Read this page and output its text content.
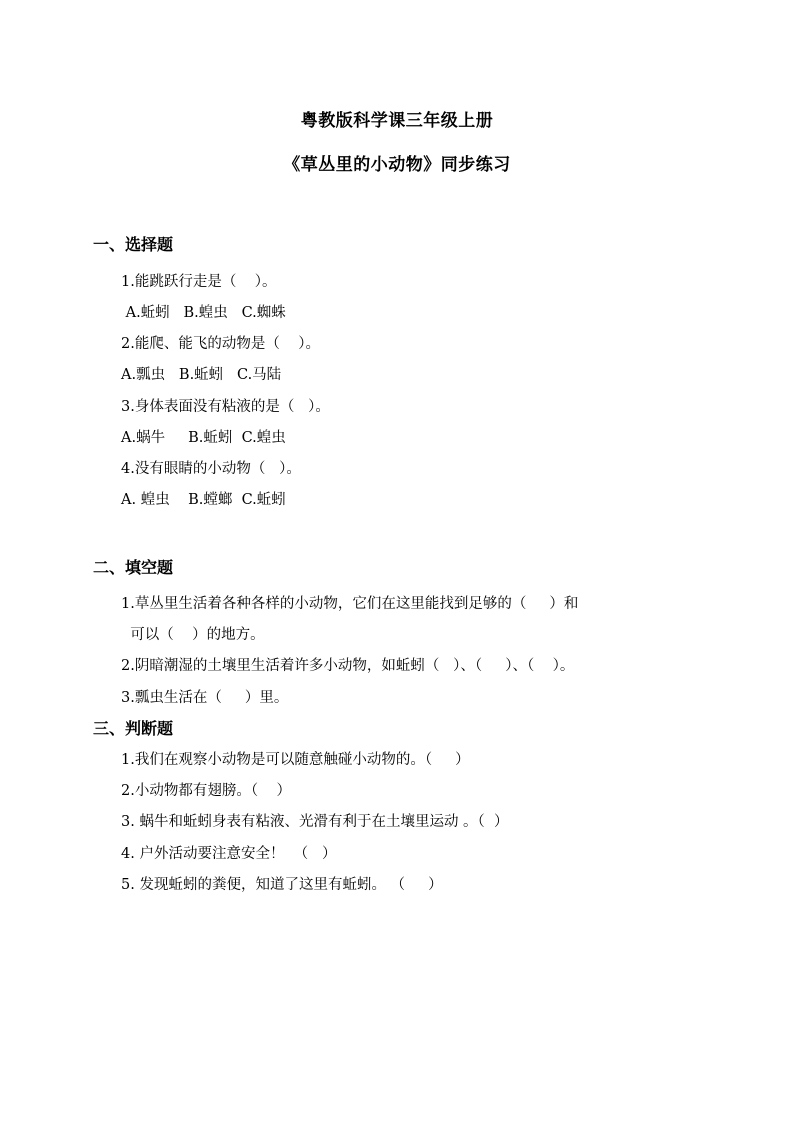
粤教版科学课三年级上册
《草丛里的小动物》同步练习
一、选择题
1.能跳跃行走是（    ）。
A.蚯蚓   B.蝗虫   C.蜘蛛
2.能爬、能飞的动物是（    ）。
A.瓢虫   B.蚯蚓   C.马陆
3.身体表面没有粘液的是（   ）。
A.蜗牛     B.蚯蚓  C.蝗虫
4.没有眼睛的小动物（   ）。
A. 蝗虫    B.螳螂  C.蚯蚓
二、填空题
1.草丛里生活着各种各样的小动物，它们在这里能找到足够的（     ）和
可以（    ）的地方。
2.阴暗潮湿的土壤里生活着许多小动物，如蚯蚓（   ）、（     ）、（    ）。
3.瓢虫生活在（     ）里。
三、判断题
1.我们在观察小动物是可以随意触碰小动物的。（     ）
2.小动物都有翅膀。（    ）
3. 蜗牛和蚯蚓身表有粘液、光滑有利于在土壤里运动 。（  ）
4. 户外活动要注意安全！  （   ）
5. 发现蚯蚓的粪便，知道了这里有蚯蚓。 （     ）
